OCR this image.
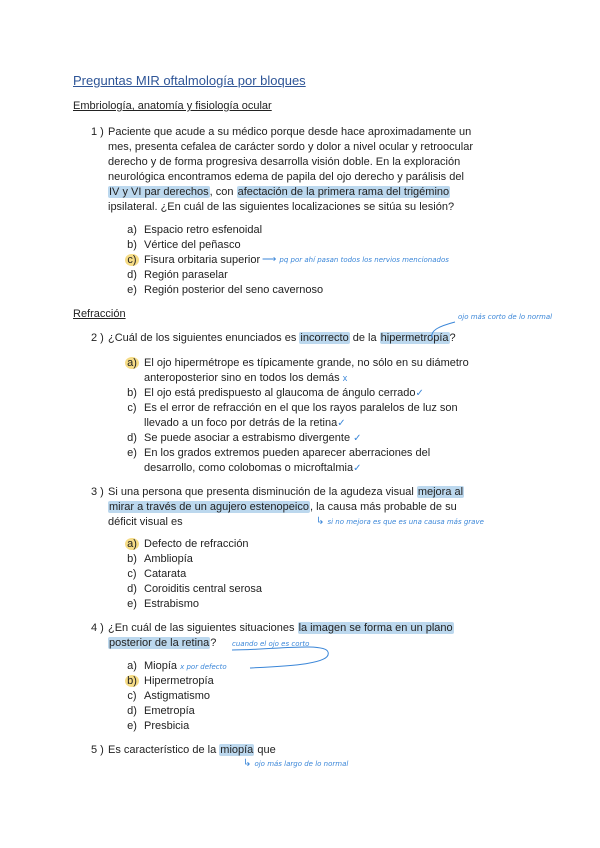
Preguntas MIR oftalmología por bloques
Embriología, anatomía y fisiología ocular
1 ) Paciente que acude a su médico porque desde hace aproximadamente un
mes, presenta cefalea de carácter sordo y dolor a nivel ocular y retroocular
derecho y de forma progresiva desarrolla visión doble. En la exploración
neurológica encontramos edema de papila del ojo derecho y parálisis del
IV y VI par derechos, con afectación de la primera rama del trigémino
ipsilateral. ¿En cuál de las siguientes localizaciones se sitúa su lesión?
a) Espacio retro esfenoidal
b) Vértice del peñasco
c) Fisura orbitaria superior ⟶ pq por ahí pasan todos los nervios mencionados
d) Región paraselar
e) Región posterior del seno cavernoso
Refracción	ojo más corto de lo normal
2 ) ¿Cuál de los siguientes enunciados es incorrecto de la hipermetropía?
a) El ojo hipermétrope es típicamente grande, no sólo en su diámetro
anteroposterior sino en todos los demás x
b) El ojo está predispuesto al glaucoma de ángulo cerrado✓
c) Es el error de refracción en el que los rayos paralelos de luz son
llevado a un foco por detrás de la retina✓
d) Se puede asociar a estrabismo divergente ✓
e) En los grados extremos pueden aparecer aberraciones del
desarrollo, como colobomas o microftalmia✓
3 ) Si una persona que presenta disminución de la agudeza visual mejora al
mirar a través de un agujero estenopeico, la causa más probable de su
déficit visual es	↳ si no mejora es que es una causa más grave
a) Defecto de refracción
b) Ambliopía
c) Catarata
d) Coroiditis central serosa
e) Estrabismo
4 ) ¿En cuál de las siguientes situaciones la imagen se forma en un plano
posterior de la retina? cuando el ojo es corto
a) Miopía x por defecto
b) Hipermetropía
c) Astigmatismo
d) Emetropía
e) Presbicia
5 ) Es característico de la miopía que
↳ ojo más largo de lo normal
